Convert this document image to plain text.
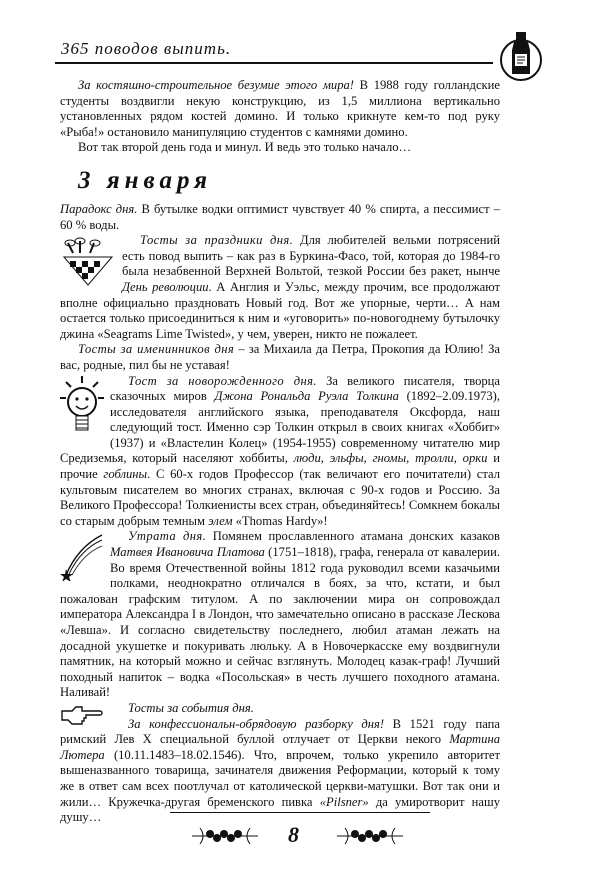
365 поводов выпить.

За костяшно-строительное безумие этого мира! В 1988 году голландские студенты воздвигли некую конструкцию, из 1,5 миллиона вертикально установленных рядом костей домино. И только крикнуте кем-то под руку «Рыба!» остановило манипуляцию студентов с камнями домино.

Вот так второй день года и минул. И ведь это только начало…

3 января

Парадокс дня. В бутылке водки оптимист чувствует 40 % спирта, а пессимист – 60 % воды.

Тосты за праздники дня. Для любителей вельми потрясений есть повод выпить – как раз в Буркина-Фасо, той, которая до 1984-го была незабвенной Верхней Вольтой, тезкой России без ракет, нынче День революции. А Англия и Уэльс, между прочим, все продолжают вполне официально праздновать Новый год. Вот же упорные, черти… А нам остается только присоединиться к ним и «уговорить» по-новогоднему бутылочку джина «Seagrams Lime Twisted», у чем, уверен, никто не пожалеет.

Тосты за именинников дня – за Михаила да Петра, Прокопия да Юлию! За вас, родные, пил бы не уставая!

Тост за новорожденного дня. За великого писателя, творца сказочных миров Джона Рональда Руэла Толкина (1892–2.09.1973), исследователя английского языка, преподавателя Оксфорда, наш следующий тост. Именно сэр Толкин открыл в своих книгах «Хоббит» (1937) и «Властелин Колец» (1954-1955) современному читателю мир Средиземья, который населяют хоббиты, люди, эльфы, гномы, тролли, орки и прочие гоблины. С 60-х годов Профессор (так величают его почитатели) стал культовым писателем во многих странах, включая с 90-х годов и Россию. За Великого Профессора! Толкиенисты всех стран, объединяйтесь! Сомкнем бокалы со старым добрым темным элем «Thomas Hardy»!

Утрата дня. Помянем прославленного атамана донских казаков Матвея Ивановича Платова (1751–1818), графа, генерала от кавалерии. Во время Отечественной войны 1812 года руководил всеми казачьими полками, неоднократно отличался в боях, за что, кстати, и был пожалован графским титулом. А по заключении мира он сопровождал императора Александра I в Лондон, что замечательно описано в рассказе Лескова «Левша». И согласно свидетельству последнего, любил атаман лежать на досадной укушетке и покуривать люльку. А в Новочеркасске ему воздвигнули памятник, на который можно и сейчас взглянуть. Молодец казак-граф! Лучший походный напиток – водка «Посольская» в честь лучшего походного атамана. Наливай!

Тосты за события дня.

За конфессиональн-обрядовую разборку дня! В 1521 году папа римский Лев X специальной буллой отлучает от Церкви некого Мартина Лютера (10.11.1483–18.02.1546). Что, впрочем, только укрепило авторитет вышеназванного товарища, зачинателя движения Реформации, который к тому же в ответ сам всех поотлучал от католической церкви-матушки. Вот так они и жили… Кружечка-другая бременского пивка «Pilsner» да умиротворит нашу душу…

8
